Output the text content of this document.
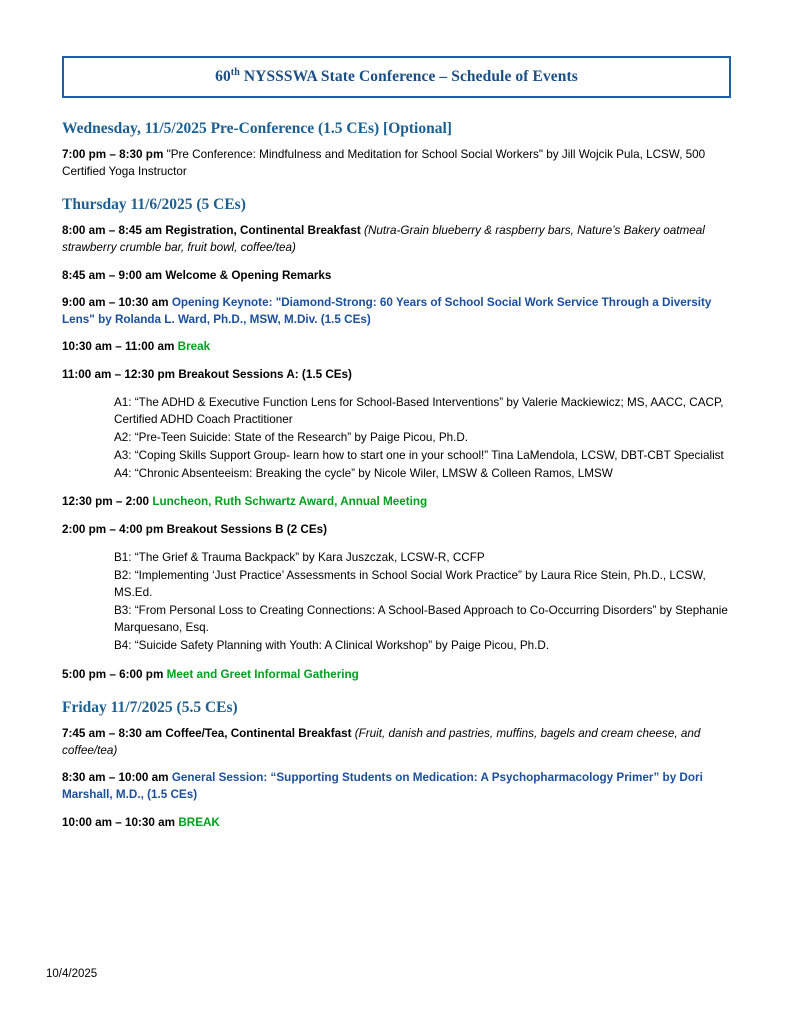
60th NYSSSWA State Conference – Schedule of Events
Wednesday, 11/5/2025 Pre-Conference (1.5 CEs) [Optional]
7:00 pm – 8:30 pm "Pre Conference: Mindfulness and Meditation for School Social Workers" by Jill Wojcik Pula, LCSW, 500 Certified Yoga Instructor
Thursday 11/6/2025 (5 CEs)
8:00 am – 8:45 am Registration, Continental Breakfast (Nutra-Grain blueberry & raspberry bars, Nature’s Bakery oatmeal strawberry crumble bar, fruit bowl, coffee/tea)
8:45 am – 9:00 am Welcome & Opening Remarks
9:00 am – 10:30 am Opening Keynote: "Diamond-Strong: 60 Years of School Social Work Service Through a Diversity Lens" by Rolanda L. Ward, Ph.D., MSW, M.Div. (1.5 CEs)
10:30 am – 11:00 am Break
11:00 am – 12:30 pm Breakout Sessions A: (1.5 CEs)
A1: “The ADHD & Executive Function Lens for School-Based Interventions” by Valerie Mackiewicz; MS, AACC, CACP, Certified ADHD Coach Practitioner
A2: “Pre-Teen Suicide: State of the Research” by Paige Picou, Ph.D.
A3: “Coping Skills Support Group- learn how to start one in your school!” Tina LaMendola, LCSW, DBT-CBT Specialist
A4: “Chronic Absenteeism: Breaking the cycle” by Nicole Wiler, LMSW & Colleen Ramos, LMSW
12:30 pm – 2:00 Luncheon, Ruth Schwartz Award, Annual Meeting
2:00 pm – 4:00 pm Breakout Sessions B (2 CEs)
B1: “The Grief & Trauma Backpack” by Kara Juszczak, LCSW-R, CCFP
B2: “Implementing ‘Just Practice’ Assessments in School Social Work Practice” by Laura Rice Stein, Ph.D., LCSW, MS.Ed.
B3: “From Personal Loss to Creating Connections: A School-Based Approach to Co-Occurring Disorders” by Stephanie Marquesano, Esq.
B4: “Suicide Safety Planning with Youth: A Clinical Workshop” by Paige Picou, Ph.D.
5:00 pm – 6:00 pm Meet and Greet Informal Gathering
Friday 11/7/2025 (5.5 CEs)
7:45 am – 8:30 am Coffee/Tea, Continental Breakfast (Fruit, danish and pastries, muffins, bagels and cream cheese, and coffee/tea)
8:30 am – 10:00 am General Session: “Supporting Students on Medication: A Psychopharmacology Primer” by Dori Marshall, M.D., (1.5 CEs)
10:00 am – 10:30 am BREAK
10/4/2025
